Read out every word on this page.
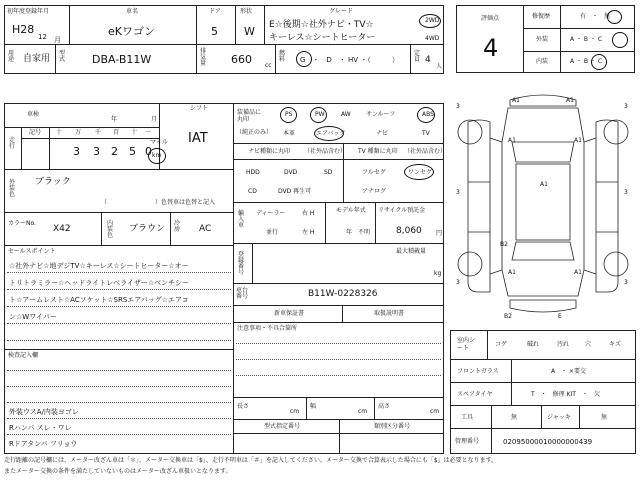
初年度登録年月
H28
12 月
車名
eKワゴン
ドア
5
形状
W
グレード
E☆後期☆社外ナビ・TV☆
キーレス☆シートヒーター
2WD
4WD
用途 自家用
型式 DBA-B11W
排気量 660 cc
燃料 G　・　D　・ HV ・（　　　）
定員 4
人
車検
年	月
シフト
IAT
走行
記号 十 万 千 百 十 一
3 3 2 5 0
マイル
km
外装色
ブラック
（　　　　　　　　）色替車は色替と記入
カラーNo.
X42
内装色
ブラウン
冷房 AC
セールスポイント
☆社外ナビ☆地デジTV☆キーレス☆シートヒーター☆オー
トリトラミラー☆ヘッドライトレベライザー☆ベンチシー
ト☆アームレスト☆ACソケット☆SRSエアバッグ☆エアコ
ン☆Wワイパー
検査記入欄
外装ウスA/内装ヨゴレ
Rハンパ スレ・ワレ
Rドアタンパ フリョウ
装備品に丸印
（純正のみ）
PS	PW	AW	サンルーフ	ABS
本革	エアバック	ナビ	TV
ナビ種類に丸印 （社外品含む）
HDD	DVD	SD
CD	DVD 再生可
TV 種類に丸印 （社外品含む）
フルセグ	ワンセグ
アナログ
輸入車
ディーラー
並行
右 H
左 H
モデル年式
年　不明
リサイクル預託金
8,060 円
登録番号
最大積載量
kg
車台番号	B11W-0228326
新車保証書	取扱説明書
注意事項・不具合箇所
長さ
cm
幅
cm
高さ
cm
型式指定番号	類別区分番号
評価点
4
修復歴	有　・　無
外装	A ・ B ・ C
内装	A ・ B ・ C
A1	A1
A1	A1
A1
A1	A1
B2
B2	E
3	3
3	3
3	3
室内シート
コゲ	破れ	汚れ	穴	キズ
フロントガラス	A　・ ×要交
スペアタイヤ	T　・　修理 KIT　・　欠
工具	無	ジャッキ	無
管理番号	02095000010000000439
走行距離の記号欄には、メーター改ざん車は「＊」、メーター交換車は「$」、走行不明車は「＃」を記入してください。メーター交換で合算表示した場合にも「$」は必要となります。
またメーター交換の条件を満たしていないものはメーター改ざん車扱いとなります。
